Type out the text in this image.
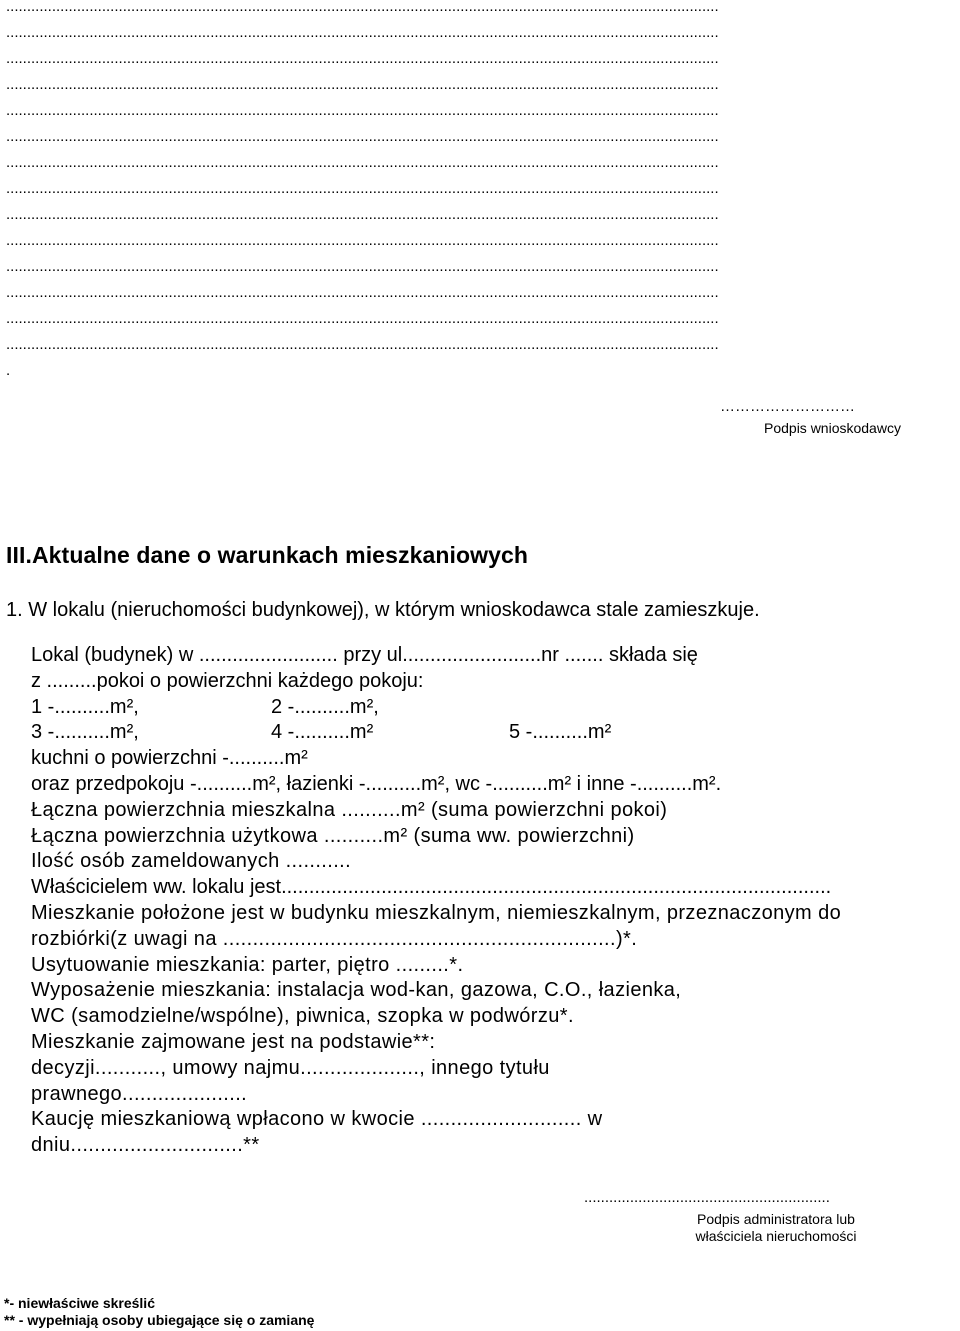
...........................................................................................................................................................................
...........................................................................................................................................................................
...........................................................................................................................................................................
...........................................................................................................................................................................
...........................................................................................................................................................................
...........................................................................................................................................................................
...........................................................................................................................................................................
...........................................................................................................................................................................
...........................................................................................................................................................................
...........................................................................................................................................................................
...........................................................................................................................................................................
...........................................................................................................................................................................
...........................................................................................................................................................................
...........................................................................................................................................................................
.
………………………
Podpis wnioskodawcy
III.Aktualne dane o warunkach mieszkaniowych
1. W lokalu (nieruchomości budynkowej), w którym wnioskodawca stale zamieszkuje.
Lokal (budynek) w ......................... przy ul.........................nr ....... składa się
z .........pokoi o powierzchni każdego pokoju:
1 -..........m²,	2 -..........m²,
3 -..........m²,	4 -..........m²	5 -..........m²
kuchni o powierzchni -..........m²
oraz przedpokoju -..........m², łazienki -..........m², wc -..........m² i inne -..........m².
Łączna powierzchnia mieszkalna ..........m² (suma powierzchni pokoi)
Łączna powierzchnia użytkowa ..........m² (suma ww. powierzchni)
Ilość osób zameldowanych ...........
Właścicielem ww. lokalu jest...................................................................................................
Mieszkanie położone jest w budynku mieszkalnym, niemieszkalnym, przeznaczonym do
rozbiórki(z uwagi na ..................................................................)*.
Usytuowanie mieszkania: parter, piętro .........*.
Wyposażenie mieszkania: instalacja wod-kan, gazowa, C.O., łazienka,
WC (samodzielne/wspólne), piwnica, szopka w podwórzu*.
Mieszkanie zajmowane jest na podstawie**:
decyzji..........., umowy najmu...................., innego tytułu
prawnego.....................
Kaucję mieszkaniową wpłacono w kwocie ........................... w
dniu.............................**
...........................................................
Podpis administratora lub
właściciela nieruchomości
*- niewłaściwe skreślić
** - wypełniają osoby ubiegające się o zamianę
